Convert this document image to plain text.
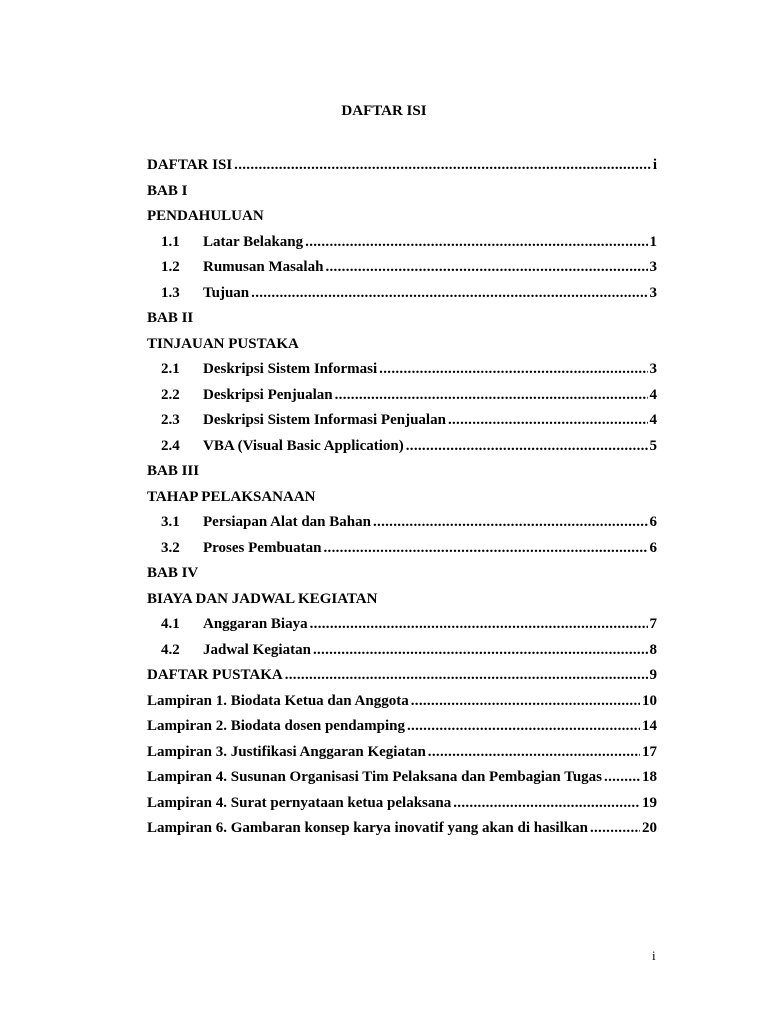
DAFTAR ISI
DAFTAR ISI .....	i
BAB I
PENDAHULUAN
1.1	Latar Belakang .....	1
1.2	Rumusan Masalah .....	3
1.3	Tujuan .....	3
BAB II
TINJAUAN PUSTAKA
2.1	Deskripsi Sistem Informasi .....	3
2.2	Deskripsi Penjualan .....	4
2.3	Deskripsi Sistem Informasi Penjualan .....	4
2.4	VBA (Visual Basic Application) .....	5
BAB III
TAHAP PELAKSANAAN
3.1	Persiapan Alat dan Bahan .....	6
3.2	Proses Pembuatan .....	6
BAB IV
BIAYA DAN JADWAL KEGIATAN
4.1	Anggaran Biaya .....	7
4.2	Jadwal Kegiatan .....	8
DAFTAR PUSTAKA .....	9
Lampiran 1. Biodata Ketua dan Anggota .....	10
Lampiran 2. Biodata dosen pendamping .....	14
Lampiran 3. Justifikasi Anggaran Kegiatan .....	17
Lampiran 4. Susunan Organisasi Tim Pelaksana dan Pembagian Tugas .....	18
Lampiran 4. Surat pernyataan ketua pelaksana .....	19
Lampiran 6. Gambaran konsep karya inovatif yang akan di hasilkan .....	20
i
